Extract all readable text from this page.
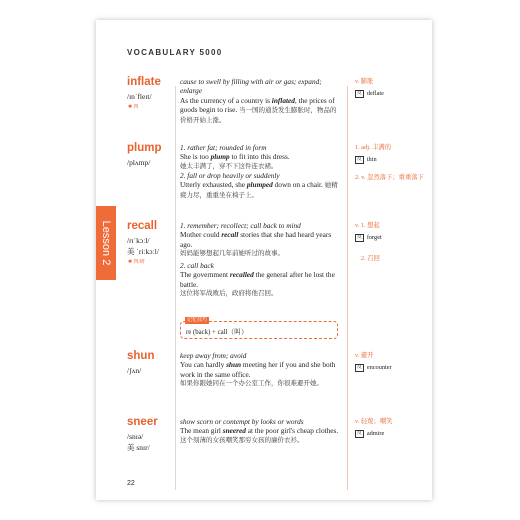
VOCABULARY 5000
Lesson 2
inflate
/ɪnˈfleɪt/
✱ 四

cause to swell by filling with air or gas; expand; enlarge

As the currency of a country is inflated, the prices of goods begin to rise. 当一国的通货发生膨胀时，物品的价格开始上涨。

v. 膨胀
反 deflate
plump
/plʌmp/

1. rather fat; rounded in form

She is too plump to fit into this dress.

她太丰满了，穿不下这件连衣裙。

2. fall or drop heavily or suddenly

Utterly exhausted, she plumped down on a chair. 她精疲力尽，重重坐在椅子上。

1. adj. 丰满的
反 thin
2. v. 忽然落下；重重落下
recall
/rɪˈkɔːl/
美 ˈriːkɔːl/
✱ 四/研

1. remember; recollect; call back to mind

Mother could recall stories that she had heard years ago.

妈妈能够想起几年前她听过的故事。

2. call back

The government recalled the general after he lost the battle.

这位将军战败后，政府将他召回。

记忆技巧
re (back) + call（叫）
v. 1. 想起
反 forget
2. 召回
shun
/ʃʌn/

keep away from; avoid

You can hardly shun meeting her if you and she both work in the same office.

如果你跟她同在一个办公室工作，你很难避开她。

v. 避开
反 encounter
sneer
/snɪə/
美 snɪr/

show scorn or contempt by looks or words

The mean girl sneered at the poor girl's cheap clothes.

这个刻薄的女孩嘲笑那穷女孩的廉价衣衫。

v. 轻蔑；嘲笑
反 admire
22
